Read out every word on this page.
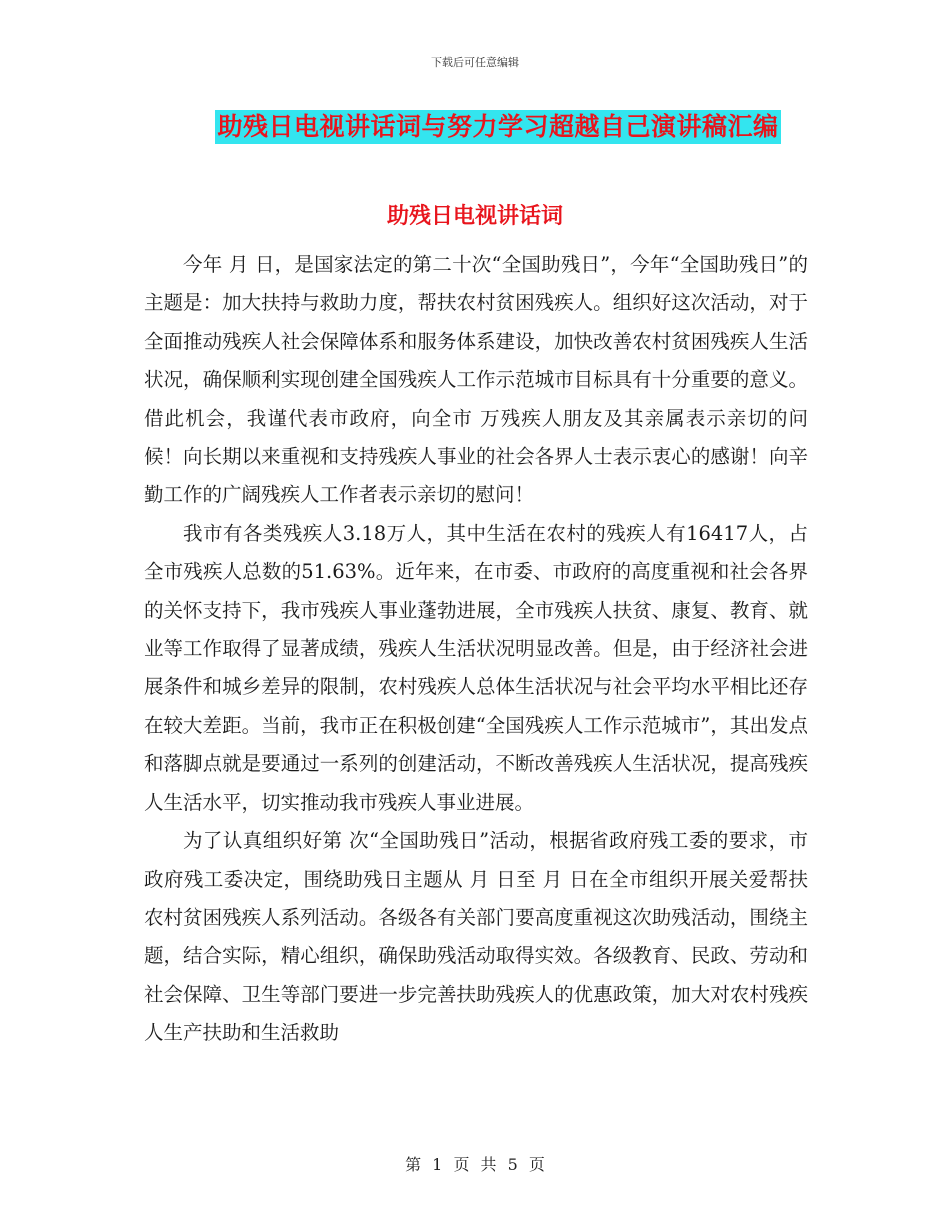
下载后可任意编辑
助残日电视讲话词与努力学习超越自己演讲稿汇编
助残日电视讲话词

今年 月 日，是国家法定的第二十次“全国助残日”，今年“全国助残日”的主题是：加大扶持与救助力度，帮扶农村贫困残疾人。组织好这次活动，对于全面推动残疾人社会保障体系和服务体系建设，加快改善农村贫困残疾人生活状况，确保顺利实现创建全国残疾人工作示范城市目标具有十分重要的意义。借此机会，我谨代表市政府，向全市 万残疾人朋友及其亲属表示亲切的问候！向长期以来重视和支持残疾人事业的社会各界人士表示衷心的感谢！向辛勤工作的广阔残疾人工作者表示亲切的慰问！

我市有各类残疾人3.18万人，其中生活在农村的残疾人有16417人，占全市残疾人总数的51.63%。近年来，在市委、市政府的高度重视和社会各界的关怀支持下，我市残疾人事业蓬勃进展，全市残疾人扶贫、康复、教育、就业等工作取得了显著成绩，残疾人生活状况明显改善。但是，由于经济社会进展条件和城乡差异的限制，农村残疾人总体生活状况与社会平均水平相比还存在较大差距。当前，我市正在积极创建“全国残疾人工作示范城市”，其出发点和落脚点就是要通过一系列的创建活动，不断改善残疾人生活状况，提高残疾人生活水平，切实推动我市残疾人事业进展。

为了认真组织好第 次“全国助残日”活动，根据省政府残工委的要求，市政府残工委决定，围绕助残日主题从 月 日至 月 日在全市组织开展关爱帮扶农村贫困残疾人系列活动。各级各有关部门要高度重视这次助残活动，围绕主题，结合实际，精心组织，确保助残活动取得实效。各级教育、民政、劳动和社会保障、卫生等部门要进一步完善扶助残疾人的优惠政策，加大对农村残疾人生产扶助和生活救助

第 1 页 共 5 页
